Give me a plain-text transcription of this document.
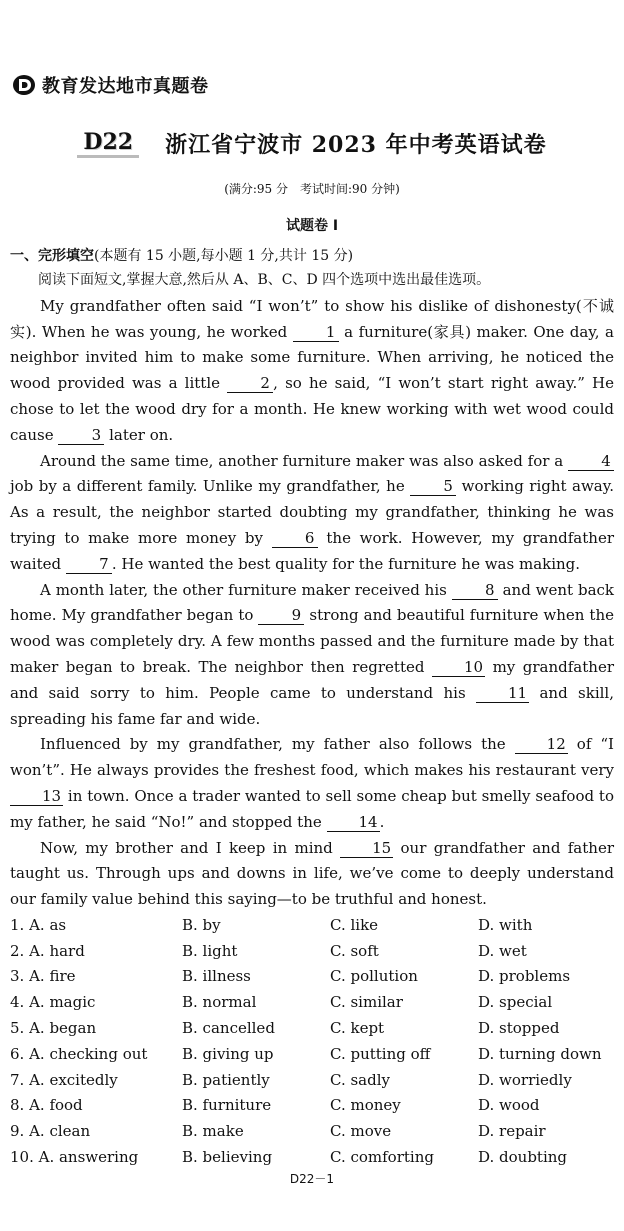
教育发达地市真题卷
D22 浙江省宁波市 2023 年中考英语试卷
(满分:95 分　考试时间:90 分钟)
试题卷 Ⅰ
一、完形填空(本题有 15 小题,每小题 1 分,共计 15 分)

阅读下面短文,掌握大意,然后从 A、B、C、D 四个选项中选出最佳选项。

My grandfather often said “I won’t” to show his dislike of dishonesty(不诚实). When he was young, he worked 1 a furniture(家具) maker. One day, a neighbor invited him to make some furniture. When arriving, he noticed the wood provided was a little 2 , so he said, “I won’t start right away.” He chose to let the wood dry for a month. He knew working with wet wood could cause 3 later on.

Around the same time, another furniture maker was also asked for a 4 job by a different family. Unlike my grandfather, he 5 working right away. As a result, the neighbor started doubting my grandfather, thinking he was trying to make more money by 6 the work. However, my grandfather waited 7 . He wanted the best quality for the furniture he was making.

A month later, the other furniture maker received his 8 and went back home. My grandfather began to 9 strong and beautiful furniture when the wood was completely dry. A few months passed and the furniture made by that maker began to break. The neighbor then regretted 10 my grandfather and said sorry to him. People came to understand his 11 and skill, spreading his fame far and wide.

Influenced by my grandfather, my father also follows the 12 of “I won’t”. He always provides the freshest food, which makes his restaurant very 13 in town. Once a trader wanted to sell some cheap but smelly seafood to my father, he said “No!” and stopped the 14 .

Now, my brother and I keep in mind 15 our grandfather and father taught us. Through ups and downs in life, we’ve come to deeply understand our family value behind this saying—to be truthful and honest.

1. A. as	B. by	C. like	D. with
2. A. hard	B. light	C. soft	D. wet
3. A. fire	B. illness	C. pollution	D. problems
4. A. magic	B. normal	C. similar	D. special
5. A. began	B. cancelled	C. kept	D. stopped
6. A. checking out	B. giving up	C. putting off	D. turning down
7. A. excitedly	B. patiently	C. sadly	D. worriedly
8. A. food	B. furniture	C. money	D. wood
9. A. clean	B. make	C. move	D. repair
10. A. answering	B. believing	C. comforting	D. doubting
D22－1
